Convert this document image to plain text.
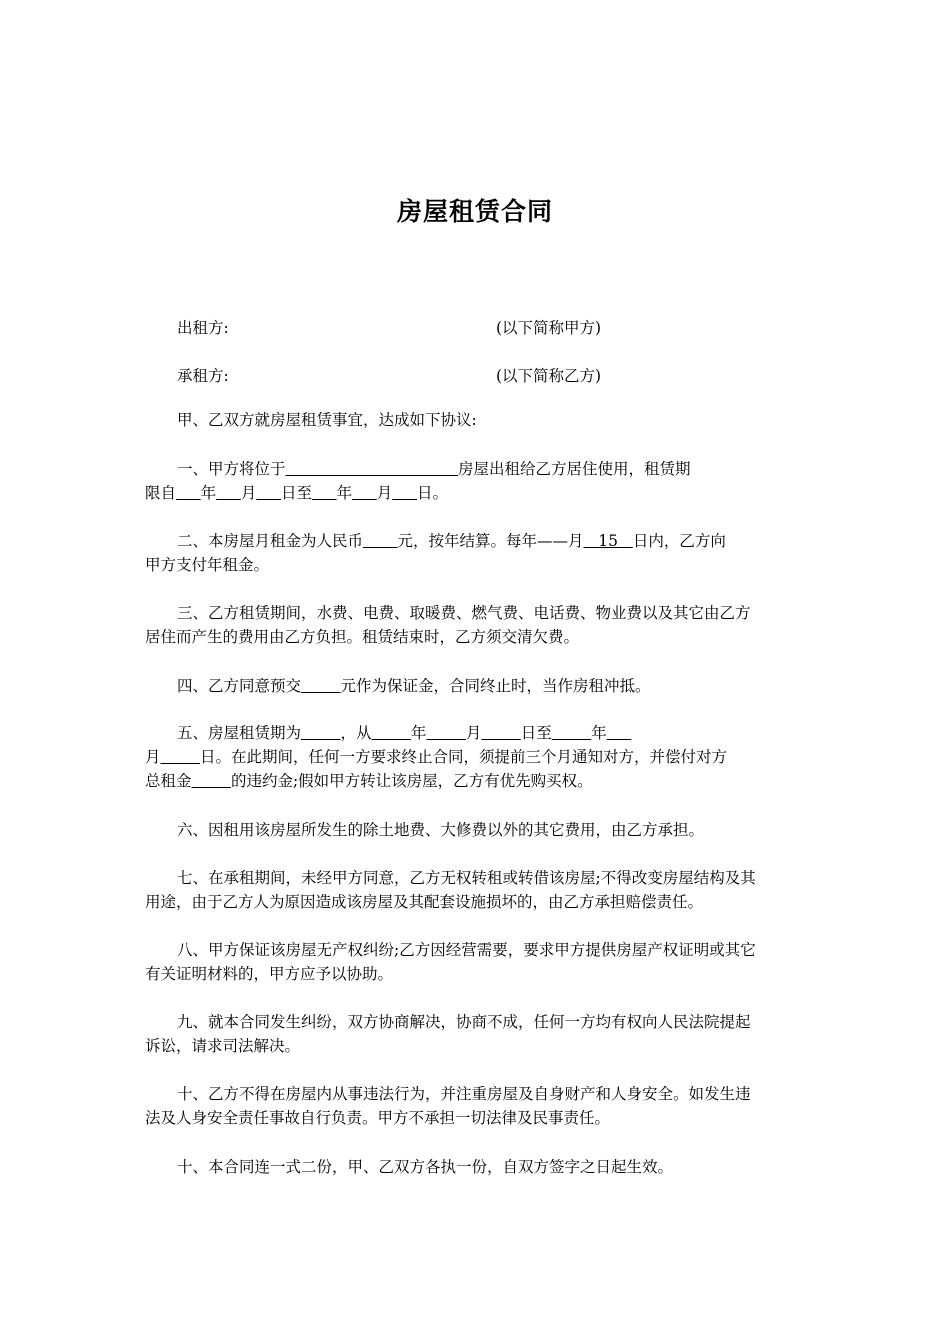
房屋租赁合同
出租方:	(以下简称甲方)
承租方:	(以下简称乙方)
甲、乙双方就房屋租赁事宜，达成如下协议:
一、甲方将位于	房屋出租给乙方居住使用，租赁期
限自 年 月 日至 年 月 日。
二、本房屋月租金为人民币 元，按年结算。每年——月   15   日内，乙方向
甲方支付年租金。
三、乙方租赁期间，水费、电费、取暖费、燃气费、电话费、物业费以及其它由乙方
居住而产生的费用由乙方负担。租赁结束时，乙方须交清欠费。
四、乙方同意预交	元作为保证金，合同终止时，当作房租冲抵。
五、房屋租赁期为	，从	年	月	日至	年
月	日。在此期间，任何一方要求终止合同，须提前三个月通知对方，并偿付对方
总租金	的违约金;假如甲方转让该房屋，乙方有优先购买权。
六、因租用该房屋所发生的除土地费、大修费以外的其它费用，由乙方承担。
七、在承租期间，未经甲方同意，乙方无权转租或转借该房屋;不得改变房屋结构及其
用途，由于乙方人为原因造成该房屋及其配套设施损坏的，由乙方承担赔偿责任。
八、甲方保证该房屋无产权纠纷;乙方因经营需要，要求甲方提供房屋产权证明或其它
有关证明材料的，甲方应予以协助。
九、就本合同发生纠纷，双方协商解决，协商不成，任何一方均有权向人民法院提起
诉讼，请求司法解决。
十、乙方不得在房屋内从事违法行为，并注重房屋及自身财产和人身安全。如发生违
法及人身安全责任事故自行负责。甲方不承担一切法律及民事责任。
十、本合同连一式二份，甲、乙双方各执一份，自双方签字之日起生效。
